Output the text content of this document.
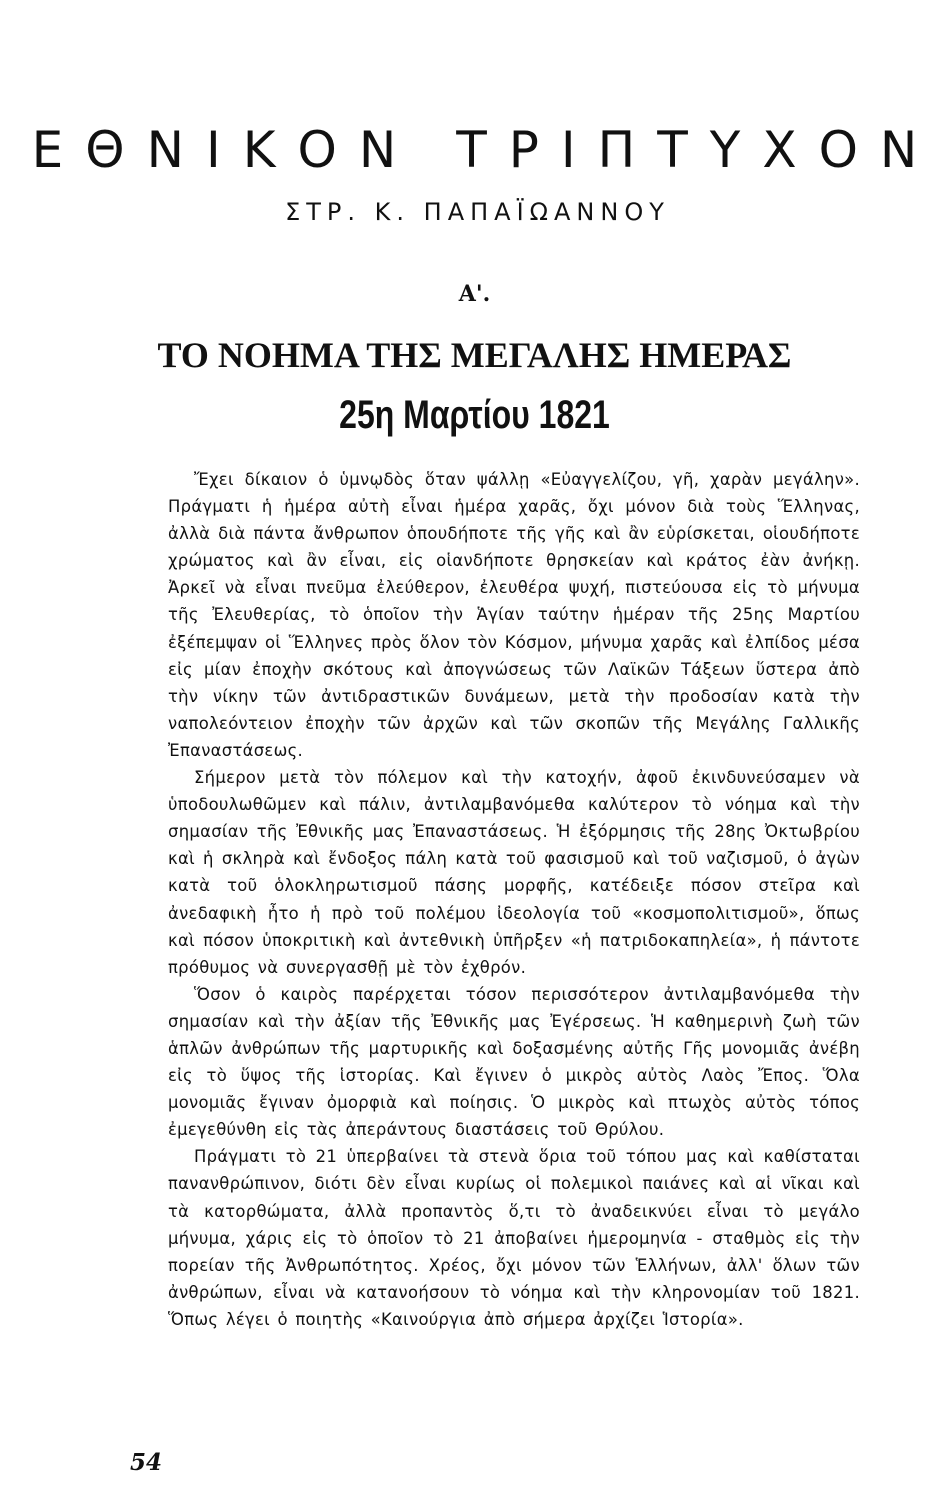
ΕΘΝΙΚΟΝ ΤΡΙΠΤΥΧΟΝ
ΣΤΡ. Κ. ΠΑΠΑΪΩΑΝΝΟΥ
Α'.
ΤΟ ΝΟΗΜΑ ΤΗΣ ΜΕΓΑΛΗΣ ΗΜΕΡΑΣ
25η Μαρτίου 1821

Ἔχει δίκαιον ὁ ὑμνῳδὸς ὅταν ψάλλῃ «Εὐαγγελίζου, γῆ, χαρὰν μεγάλην». Πράγματι ἡ ἡμέρα αὐτὴ εἶναι ἡμέρα χαρᾶς, ὄχι μόνον διὰ τοὺς Ἕλληνας, ἀλλὰ διὰ πάντα ἄνθρωπον ὁπουδήποτε τῆς γῆς καὶ ἂν εὑρίσκεται, οἱουδήποτε χρώματος καὶ ἂν εἶναι, εἰς οἱανδήποτε θρησκείαν καὶ κράτος ἐὰν ἀνήκῃ. Ἀρκεῖ νὰ εἶναι πνεῦμα ἐλεύθερον, ἐλευθέρα ψυχή, πιστεύουσα εἰς τὸ μήνυμα τῆς Ἐλευθερίας, τὸ ὁποῖον τὴν Ἁγίαν ταύτην ἡμέραν τῆς 25ης Μαρτίου ἐξέπεμψαν οἱ Ἕλληνες πρὸς ὅλον τὸν Κόσμον, μήνυμα χαρᾶς καὶ ἐλπίδος μέσα εἰς μίαν ἐποχὴν σκότους καὶ ἀπογνώσεως τῶν Λαϊκῶν Τάξεων ὕστερα ἀπὸ τὴν νίκην τῶν ἀντιδραστικῶν δυνάμεων, μετὰ τὴν προδοσίαν κατὰ τὴν ναπολεόντειον ἐποχὴν τῶν ἀρχῶν καὶ τῶν σκοπῶν τῆς Μεγάλης Γαλλικῆς Ἐπαναστάσεως.

Σήμερον μετὰ τὸν πόλεμον καὶ τὴν κατοχήν, ἀφοῦ ἐκινδυνεύσαμεν νὰ ὑποδουλωθῶμεν καὶ πάλιν, ἀντιλαμβανόμεθα καλύτερον τὸ νόημα καὶ τὴν σημασίαν τῆς Ἐθνικῆς μας Ἐπαναστάσεως. Ἡ ἐξόρμησις τῆς 28ης Ὀκτωβρίου καὶ ἡ σκληρὰ καὶ ἔνδοξος πάλη κατὰ τοῦ φασισμοῦ καὶ τοῦ ναζισμοῦ, ὁ ἀγὼν κατὰ τοῦ ὁλοκληρωτισμοῦ πάσης μορφῆς, κατέδειξε πόσον στεῖρα καὶ ἀνεδαφικὴ ἦτο ἡ πρὸ τοῦ πολέμου ἰδεολογία τοῦ «κοσμοπολιτισμοῦ», ὅπως καὶ πόσον ὑποκριτικὴ καὶ ἀντεθνικὴ ὑπῆρξεν «ἡ πατριδοκαπηλεία», ἡ πάντοτε πρόθυμος νὰ συνεργασθῇ μὲ τὸν ἐχθρόν.

Ὅσον ὁ καιρὸς παρέρχεται τόσον περισσότερον ἀντιλαμβανόμεθα τὴν σημασίαν καὶ τὴν ἀξίαν τῆς Ἐθνικῆς μας Ἐγέρσεως. Ἡ καθημερινὴ ζωὴ τῶν ἁπλῶν ἀνθρώπων τῆς μαρτυρικῆς καὶ δοξασμένης αὐτῆς Γῆς μονομιᾶς ἀνέβη εἰς τὸ ὕψος τῆς ἱστορίας. Καὶ ἔγινεν ὁ μικρὸς αὐτὸς Λαὸς Ἔπος. Ὅλα μονομιᾶς ἔγιναν ὀμορφιὰ καὶ ποίησις. Ὁ μικρὸς καὶ πτωχὸς αὐτὸς τόπος ἐμεγεθύνθη εἰς τὰς ἀπεράντους διαστάσεις τοῦ Θρύλου.

Πράγματι τὸ 21 ὑπερβαίνει τὰ στενὰ ὅρια τοῦ τόπου μας καὶ καθίσταται πανανθρώπινον, διότι δὲν εἶναι κυρίως οἱ πολεμικοὶ παιάνες καὶ αἱ νῖκαι καὶ τὰ κατορθώματα, ἀλλὰ προπαντὸς ὅ,τι τὸ ἀναδεικνύει εἶναι τὸ μεγάλο μήνυμα, χάρις εἰς τὸ ὁποῖον τὸ 21 ἀποβαίνει ἡμερομηνία - σταθμὸς εἰς τὴν πορείαν τῆς Ἀνθρωπότητος. Χρέος, ὄχι μόνον τῶν Ἑλλήνων, ἀλλ' ὅλων τῶν ἀνθρώπων, εἶναι νὰ κατανοήσουν τὸ νόημα καὶ τὴν κληρονομίαν τοῦ 1821. Ὅπως λέγει ὁ ποιητὴς «Καινούργια ἀπὸ σήμερα ἀρχίζει Ἱστορία».

54
